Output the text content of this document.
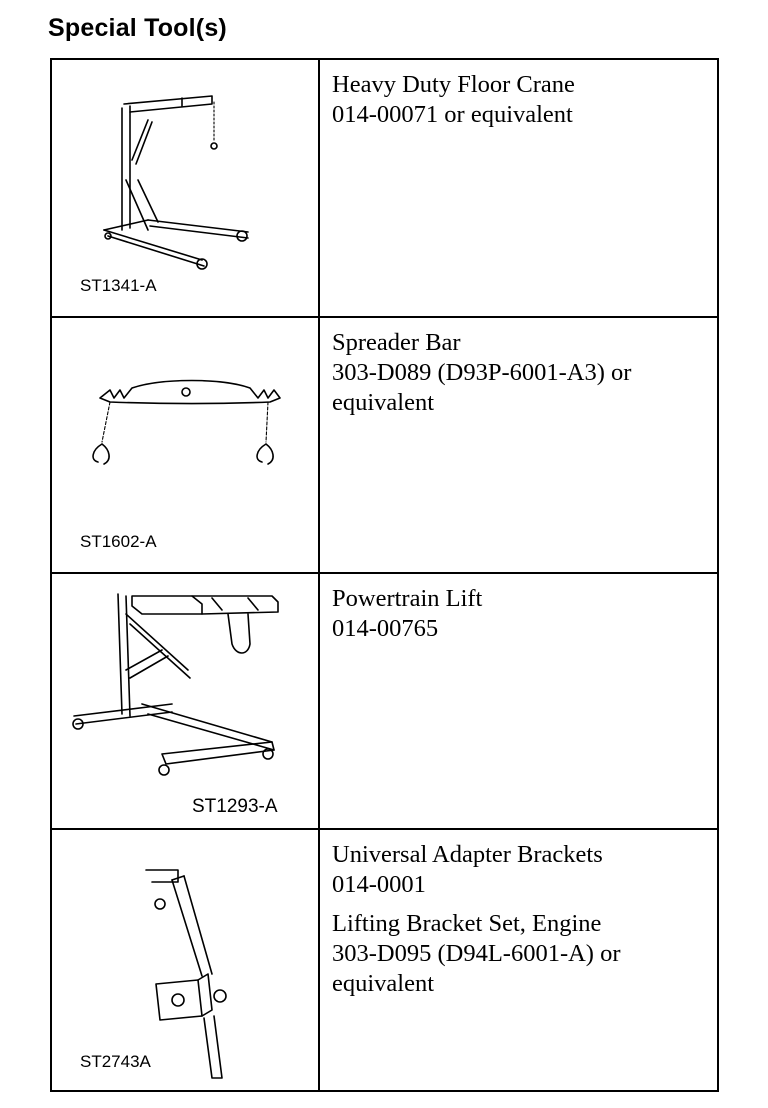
Special Tool(s)
ST1341-A
Heavy Duty Floor Crane
014-00071 or equivalent
ST1602-A
Spreader Bar
303-D089 (D93P-6001-A3) or
equivalent
ST1293-A
Powertrain Lift
014-00765
ST2743A
Universal Adapter Brackets
014-0001
Lifting Bracket Set, Engine
303-D095 (D94L-6001-A) or
equivalent
